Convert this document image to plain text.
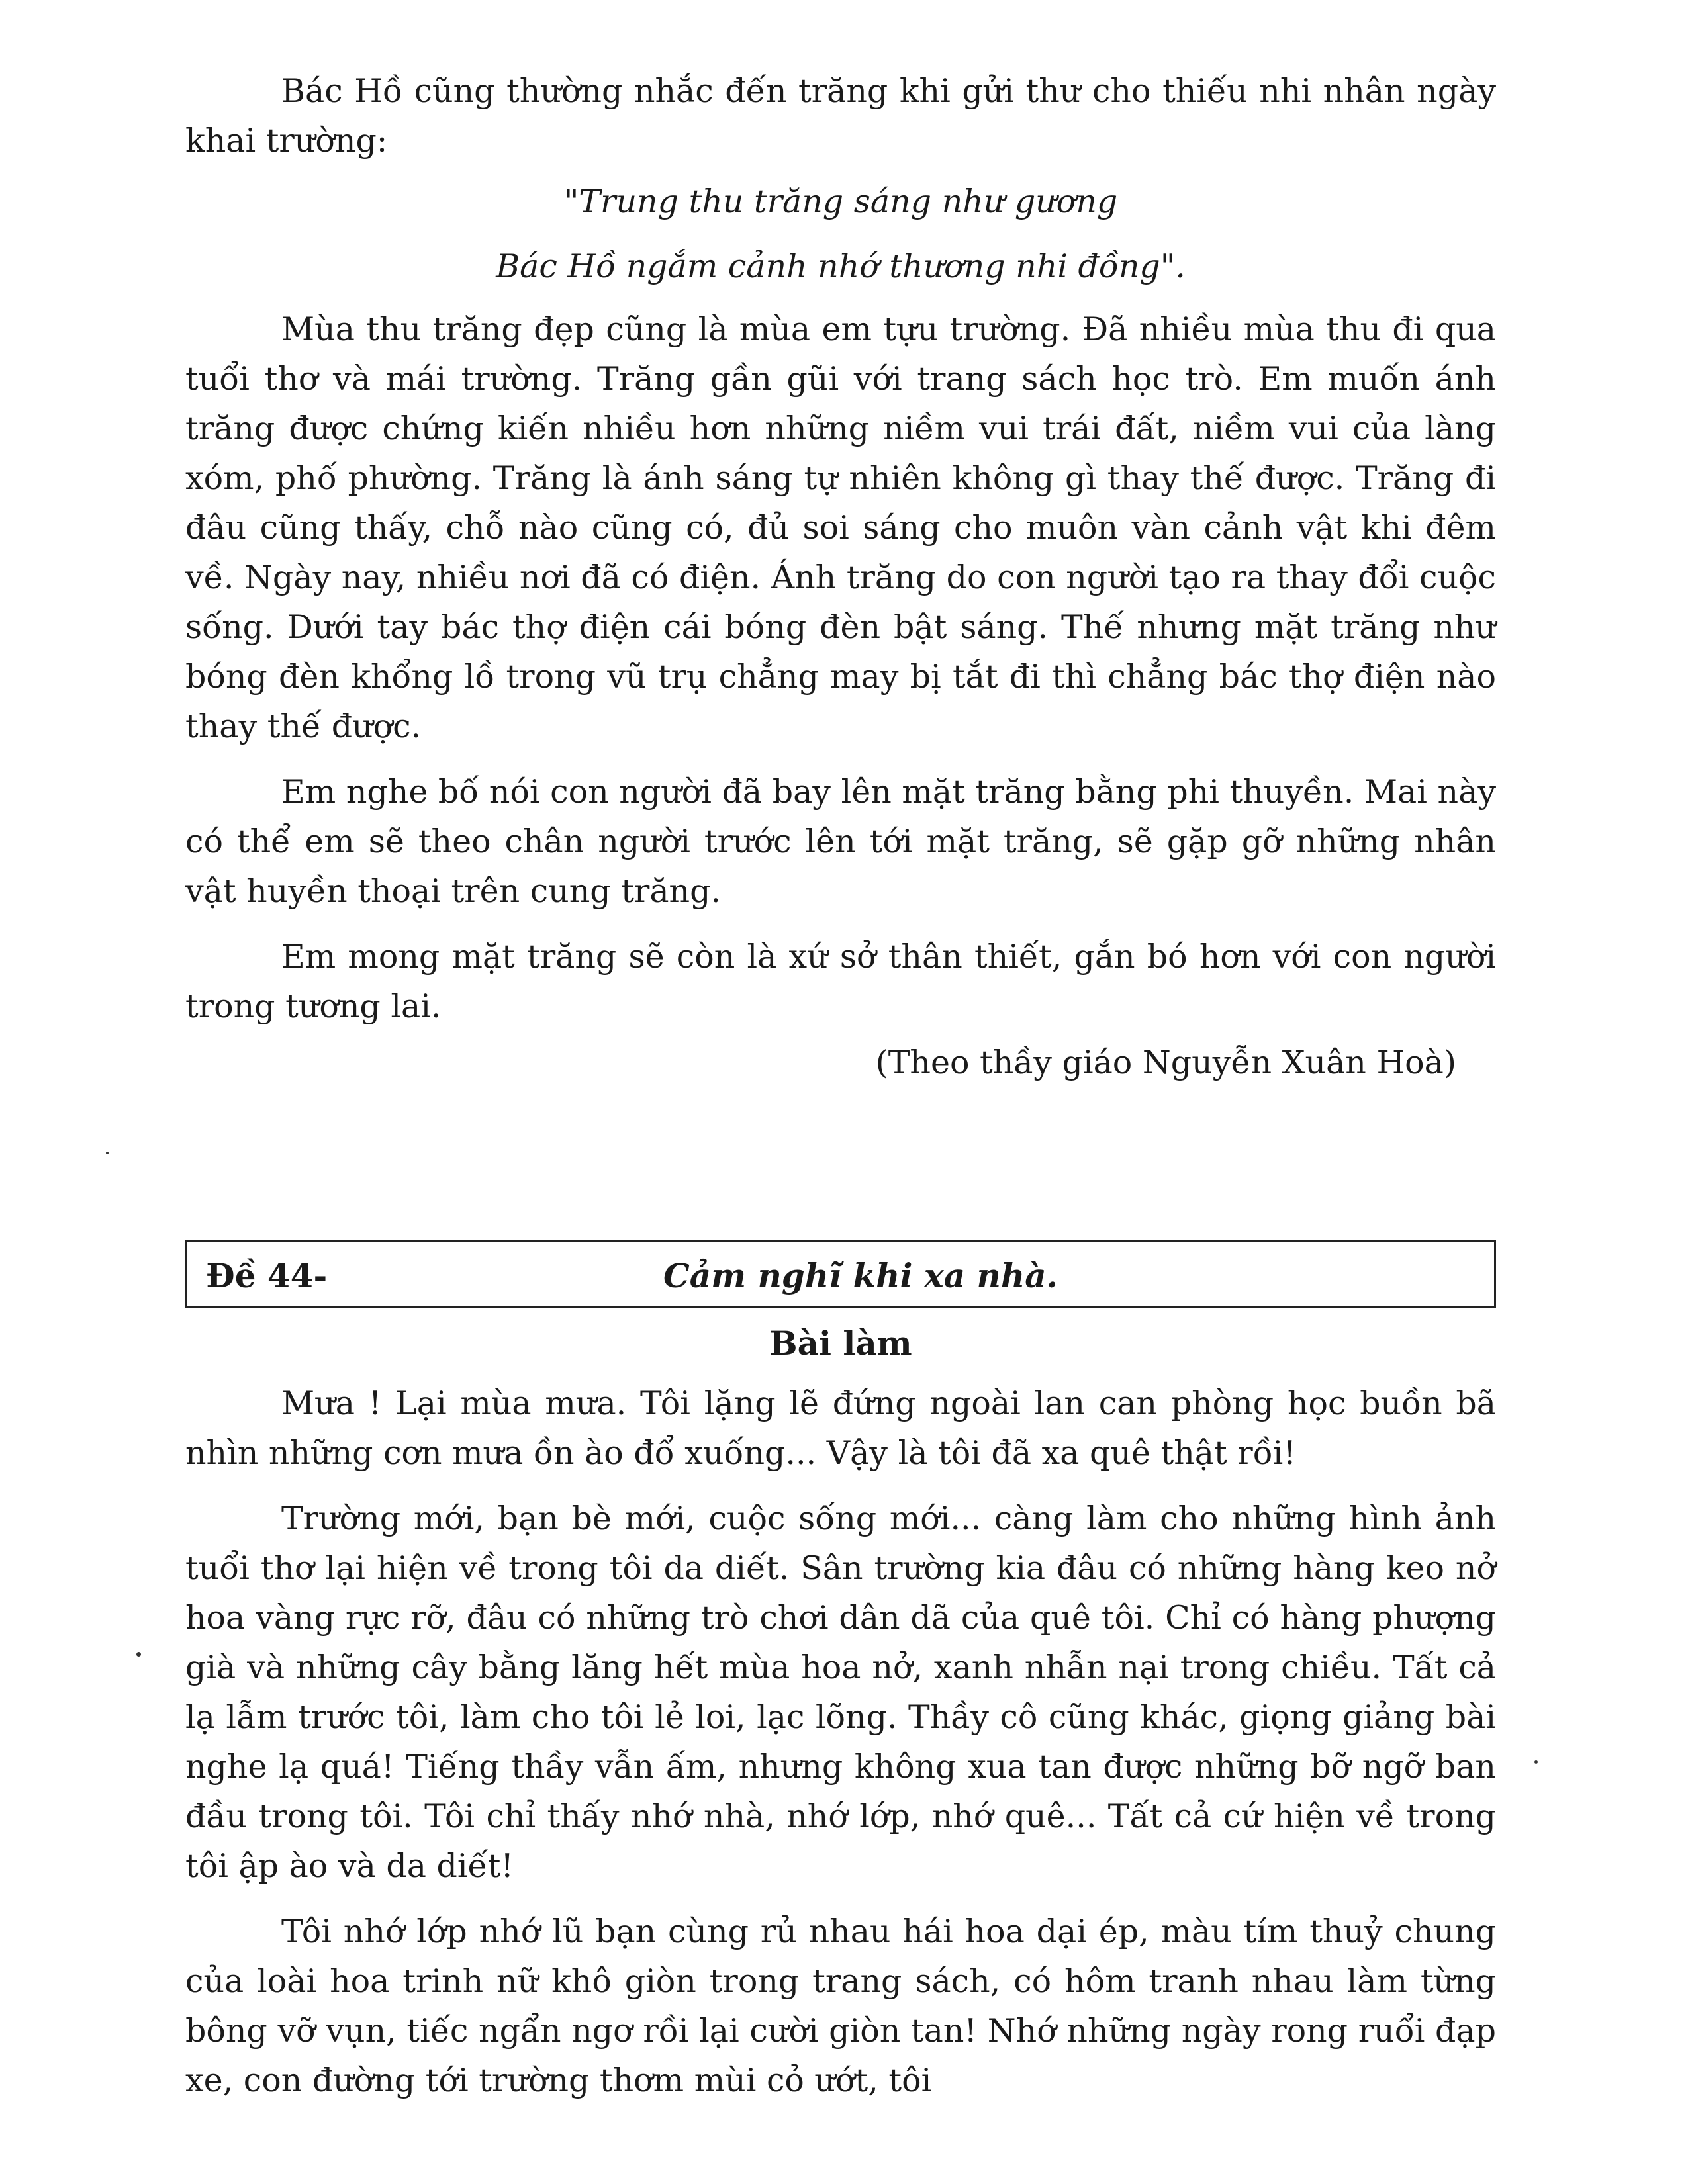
Bác Hồ cũng thường nhắc đến trăng khi gửi thư cho thiếu nhi nhân ngày khai trường:

"Trung thu trăng sáng như gương
Bác Hồ ngắm cảnh nhớ thương nhi đồng".

Mùa thu trăng đẹp cũng là mùa em tựu trường. Đã nhiều mùa thu đi qua tuổi thơ và mái trường. Trăng gần gũi với trang sách học trò. Em muốn ánh trăng được chứng kiến nhiều hơn những niềm vui trái đất, niềm vui của làng xóm, phố phường. Trăng là ánh sáng tự nhiên không gì thay thế được. Trăng đi đâu cũng thấy, chỗ nào cũng có, đủ soi sáng cho muôn vàn cảnh vật khi đêm về. Ngày nay, nhiều nơi đã có điện. Ánh trăng do con người tạo ra thay đổi cuộc sống. Dưới tay bác thợ điện cái bóng đèn bật sáng. Thế nhưng mặt trăng như bóng đèn khổng lồ trong vũ trụ chẳng may bị tắt đi thì chẳng bác thợ điện nào thay thế được.

Em nghe bố nói con người đã bay lên mặt trăng bằng phi thuyền. Mai này có thể em sẽ theo chân người trước lên tới mặt trăng, sẽ gặp gỡ những nhân vật huyền thoại trên cung trăng.

Em mong mặt trăng sẽ còn là xứ sở thân thiết, gắn bó hơn với con người trong tương lai.

(Theo thầy giáo Nguyễn Xuân Hoà)
Đề 44-	Cảm nghĩ khi xa nhà.
Bài làm

Mưa ! Lại mùa mưa. Tôi lặng lẽ đứng ngoài lan can phòng học buồn bã nhìn những cơn mưa ồn ào đổ xuống... Vậy là tôi đã xa quê thật rồi!

Trường mới, bạn bè mới, cuộc sống mới... càng làm cho những hình ảnh tuổi thơ lại hiện về trong tôi da diết. Sân trường kia đâu có những hàng keo nở hoa vàng rực rỡ, đâu có những trò chơi dân dã của quê tôi. Chỉ có hàng phượng già và những cây bằng lăng hết mùa hoa nở, xanh nhẫn nại trong chiều. Tất cả lạ lẫm trước tôi, làm cho tôi lẻ loi, lạc lõng. Thầy cô cũng khác, giọng giảng bài nghe lạ quá! Tiếng thầy vẫn ấm, nhưng không xua tan được những bỡ ngỡ ban đầu trong tôi. Tôi chỉ thấy nhớ nhà, nhớ lớp, nhớ quê... Tất cả cứ hiện về trong tôi ập ào và da diết!

Tôi nhớ lớp nhớ lũ bạn cùng rủ nhau hái hoa dại ép, màu tím thuỷ chung của loài hoa trinh nữ khô giòn trong trang sách, có hôm tranh nhau làm từng bông vỡ vụn, tiếc ngẩn ngơ rồi lại cười giòn tan! Nhớ những ngày rong ruổi đạp xe, con đường tới trường thơm mùi cỏ ướt, tôi
